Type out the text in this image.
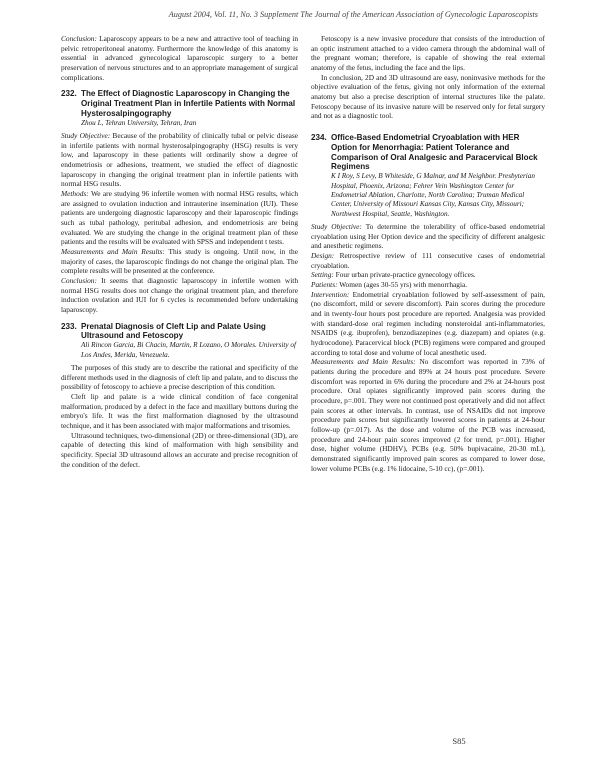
August 2004, Vol. 11, No. 3 Supplement The Journal of the American Association of Gynecologic Laparoscopists

Conclusion: Laparoscopy appears to be a new and attractive tool of teaching in pelvic retroperitoneal anatomy. Furthermore the knowledge of this anatomy is essential in advanced gynecological laparoscopic surgery to a better preservation of nervous structures and to an appropriate management of surgical complications.

232. The Effect of Diagnostic Laparoscopy in Changing the Original Treatment Plan in Infertile Patients with Normal Hysterosalpingography
Zhou L, Tehran University, Tehran, Iran

Study Objective: Because of the probability of clinically tubal or pelvic disease in infertile patients with normal hysterosalpingography (HSG) results is very low, and laparoscopy in these patients will ordinarily show a degree of endometriosis or adhesions, treatment, we studied the effect of diagnostic laparoscopy in changing the original treatment plan in infertile patients with normal HSG results.

Methods: We are studying 96 infertile women with normal HSG results, which are assigned to ovulation induction and intrauterine insemination (IUI). These patients are undergoing diagnostic laparoscopy and their laparoscopic findings such as tubal pathology, peritubal adhesion, and endometriosis are being evaluated. We are studying the change in the original treatment plan of these patients and the results will be evaluated with SPSS and independent t tests.

Measurements and Main Results: This study is ongoing. Until now, in the majority of cases, the laparoscopic findings do not change the original plan. The complete results will be presented at the conference.

Conclusion: It seems that diagnostic laparoscopy in infertile women with normal HSG results does not change the original treatment plan, and therefore induction ovulation and IUI for 6 cycles is recommended before undertaking laparoscopy.

233. Prenatal Diagnosis of Cleft Lip and Palate Using Ultrasound and Fetoscopy
Ali Rincon Garcia, Bi Chacin, Martin, R Lozano, O Morales. University of Los Andes, Merida, Venezuela.

The purposes of this study are to describe the rational and specificity of the different methods used in the diagnosis of cleft lip and palate, and to discuss the possibility of fetoscopy to achieve a precise description of this condition.

Cleft lip and palate is a wide clinical condition of face congenital malformation, produced by a defect in the face and maxillary buttons during the embryo's life. It was the first malformation diagnosed by the ultrasound technique, and it has been associated with major malformations and trisomies.

Ultrasound techniques, two-dimensional (2D) or three-dimensional (3D), are capable of detecting this kind of malformation with high sensibility and specificity. Special 3D ultrasound allows an accurate and precise recognition of the condition of the defect.

Fetoscopy is a new invasive procedure that consists of the introduction of an optic instrument attached to a video camera through the abdominal wall of the pregnant woman; therefore, is capable of showing the real external anatomy of the fetus, including the face and the lips.

In conclusion, 2D and 3D ultrasound are easy, noninvasive methods for the objective evaluation of the fetus, giving not only information of the external anatomy but also a precise description of internal structures like the palate. Fetoscopy because of its invasive nature will be reserved only for fetal surgery and not as a diagnostic tool.

234. Office-Based Endometrial Cryoablation with HER Option for Menorrhagia: Patient Tolerance and Comparison of Oral Analgesic and Paracervical Block Regimens
K I Roy, S Levy, B Whiteside, G Malnar, and M Neighbor. Presbyterian Hospital, Phoenix, Arizona; Fehrer Vein Washington Center for Endometrial Ablation, Charlotte, North Carolina; Truman Medical Center, University of Missouri Kansas City, Kansas City, Missouri; Northwest Hospital, Seattle, Washington.

Study Objective: To determine the tolerability of office-based endometrial cryoablation using Her Option device and the specificity of different analgesic and anesthetic regimens.

Design: Retrospective review of 111 consecutive cases of endometrial cryoablation.

Setting: Four urban private-practice gynecology offices.

Patients: Women (ages 30-55 yrs) with menorrhagia.

Intervention: Endometrial cryoablation followed by self-assessment of pain, (no discomfort, mild or severe discomfort). Pain scores during the procedure and in twenty-four hours post procedure are reported. Analgesia was provided with standard-dose oral regimen including nonsteroidal anti-inflammatories, NSAIDS (e.g. ibuprofen), benzodiazepines (e.g. diazepam) and opiates (e.g. hydrocodone). Paracervical block (PCB) regimens were compared and grouped according to total dose and volume of local anesthetic used.

Measurements and Main Results: No discomfort was reported in 73% of patients during the procedure and 89% at 24 hours post procedure. Severe discomfort was reported in 6% during the procedure and 2% at 24-hours post procedure. Oral opiates significantly improved pain scores during the procedure, p=.001. They were not continued post operatively and did not affect pain scores at other intervals. In contrast, use of NSAIDs did not improve procedure pain scores but significantly lowered scores in patients at 24-hour follow-up (p=.017). As the dose and volume of the PCB was increased, procedure and 24-hour pain scores improved (2 for trend, p=.001). Higher dose, higher volume (HDHV), PCBs (e.g. 50% bupivacaine, 20-30 mL), demonstrated significantly improved pain scores as compared to lower dose, lower volume PCBs (e.g. 1% lidocaine, 5-10 cc), (p=.001).

S85
